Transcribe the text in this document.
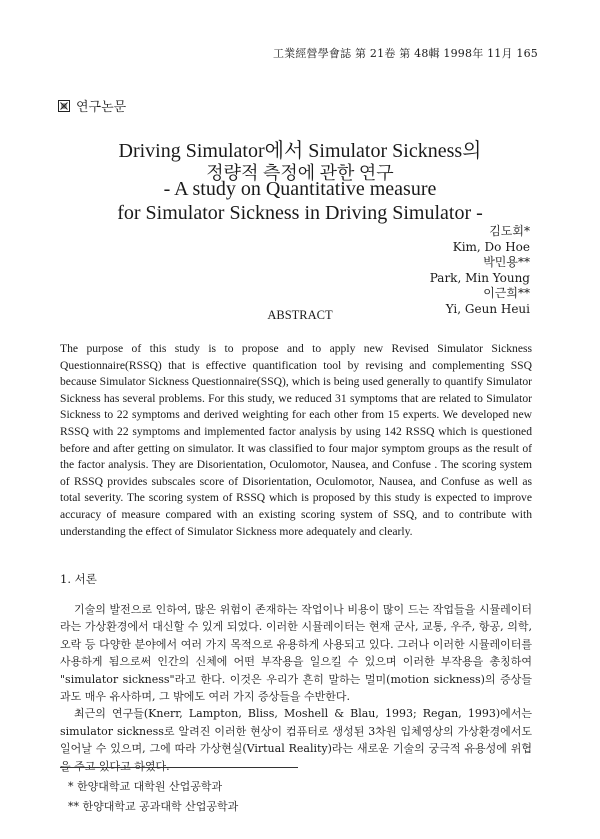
工業經營學會誌 第 21卷 第 48輯 1998年 11月 165
연구논문
Driving Simulator에서 Simulator Sickness의
정량적 측정에 관한 연구
- A study on Quantitative measure
for Simulator Sickness in Driving Simulator -
김도회*
Kim, Do Hoe
박민용**
Park, Min Young
이근희**
Yi, Geun Heui
ABSTRACT
The purpose of this study is to propose and to apply new Revised Simulator Sickness Questionnaire(RSSQ) that is effective quantification tool by revising and complementing SSQ because Simulator Sickness Questionnaire(SSQ), which is being used generally to quantify Simulator Sickness has several problems. For this study, we reduced 31 symptoms that are related to Simulator Sickness to 22 symptoms and derived weighting for each other from 15 experts. We developed new RSSQ with 22 symptoms and implemented factor analysis by using 142 RSSQ which is questioned before and after getting on simulator. It was classified to four major symptom groups as the result of the factor analysis. They are Disorientation, Oculomotor, Nausea, and Confuse . The scoring system of RSSQ provides subscales score of Disorientation, Oculomotor, Nausea, and Confuse as well as total severity. The scoring system of RSSQ which is proposed by this study is expected to improve accuracy of measure compared with an existing scoring system of SSQ, and to contribute with understanding the effect of Simulator Sickness more adequately and clearly.
1. 서론

기술의 발전으로 인하여, 많은 위험이 존재하는 작업이나 비용이 많이 드는 작업들을 시뮬레이터라는 가상환경에서 대신할 수 있게 되었다. 이러한 시뮬레이터는 현재 군사, 교통, 우주, 항공, 의학, 오락 등 다양한 분야에서 여러 가지 목적으로 유용하게 사용되고 있다. 그러나 이러한 시뮬레이터를 사용하게 됨으로써 인간의 신체에 어떤 부작용을 일으킬 수 있으며 이러한 부작용을 총칭하여 "simulator sickness"라고 한다. 이것은 우리가 흔히 말하는 멀미(motion sickness)의 증상들과도 매우 유사하며, 그 밖에도 여러 가지 증상들을 수반한다.

최근의 연구들(Knerr, Lampton, Bliss, Moshell & Blau, 1993; Regan, 1993)에서는 simulator sickness로 알려진 이러한 현상이 컴퓨터로 생성된 3차원 입체영상의 가상환경에서도 일어날 수 있으며, 그에 따라 가상현실(Virtual Reality)라는 새로운 기술의 궁극적 유용성에 위협을 주고 있다고 하였다.

* 한양대학교 대학원 산업공학과
** 한양대학교 공과대학 산업공학과
